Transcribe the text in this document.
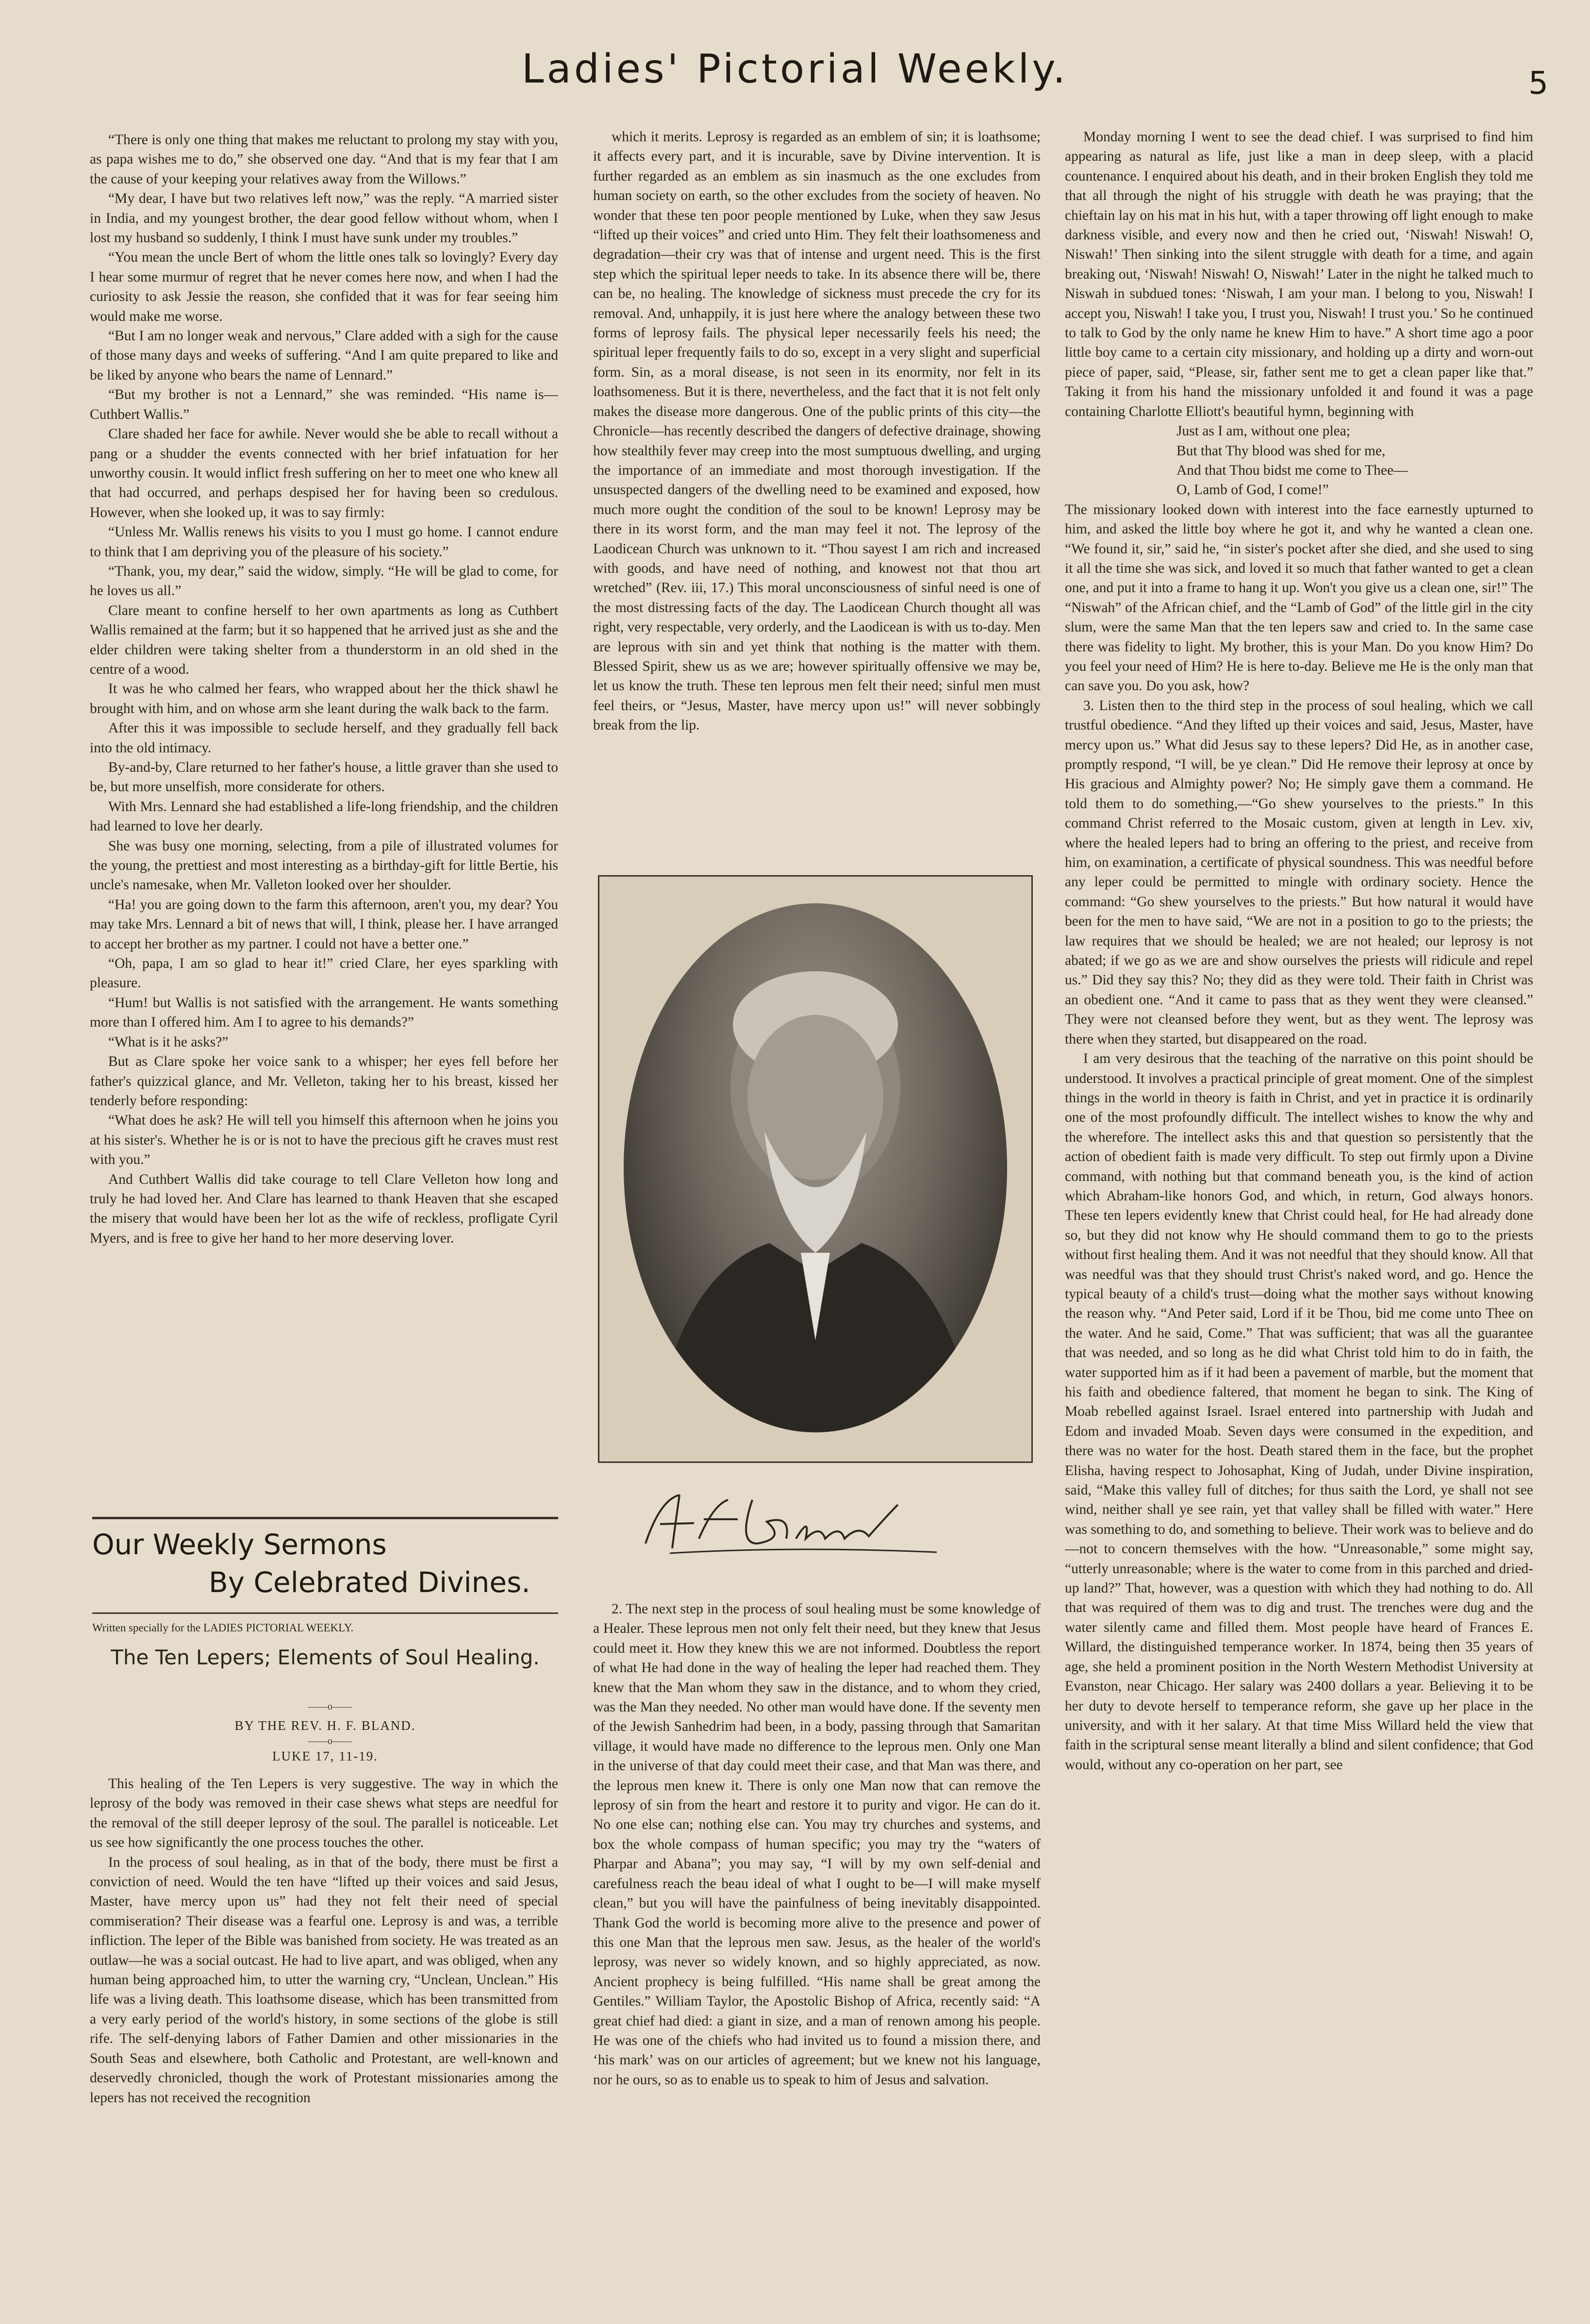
Ladies' Pictorial Weekly.	5

“There is only one thing that makes me reluctant to prolong my stay with you, as papa wishes me to do,” she observed one day. “And that is my fear that I am the cause of your keeping your relatives away from the Willows.”

“My dear, I have but two relatives left now,” was the reply. “A married sister in India, and my youngest brother, the dear good fellow without whom, when I lost my husband so suddenly, I think I must have sunk under my troubles.”

“You mean the uncle Bert of whom the little ones talk so lovingly? Every day I hear some murmur of regret that he never comes here now, and when I had the curiosity to ask Jessie the reason, she confided that it was for fear seeing him would make me worse.

“But I am no longer weak and nervous,” Clare added with a sigh for the cause of those many days and weeks of suffering. “And I am quite prepared to like and be liked by anyone who bears the name of Lennard.”

“But my brother is not a Lennard,” she was reminded. “His name is—Cuthbert Wallis.”

Clare shaded her face for awhile. Never would she be able to recall without a pang or a shudder the events connected with her brief infatuation for her unworthy cousin. It would inflict fresh suffering on her to meet one who knew all that had occurred, and perhaps despised her for having been so credulous. However, when she looked up, it was to say firmly:

“Unless Mr. Wallis renews his visits to you I must go home. I cannot endure to think that I am depriving you of the pleasure of his society.”

“Thank, you, my dear,” said the widow, simply. “He will be glad to come, for he loves us all.”

Clare meant to confine herself to her own apartments as long as Cuthbert Wallis remained at the farm; but it so happened that he arrived just as she and the elder children were taking shelter from a thunderstorm in an old shed in the centre of a wood.

It was he who calmed her fears, who wrapped about her the thick shawl he brought with him, and on whose arm she leant during the walk back to the farm.

After this it was impossible to seclude herself, and they gradually fell back into the old intimacy.

By-and-by, Clare returned to her father's house, a little graver than she used to be, but more unselfish, more considerate for others.

With Mrs. Lennard she had established a life-long friendship, and the children had learned to love her dearly.

She was busy one morning, selecting, from a pile of illustrated volumes for the young, the prettiest and most interesting as a birthday-gift for little Bertie, his uncle's namesake, when Mr. Valleton looked over her shoulder.

“Ha! you are going down to the farm this afternoon, aren't you, my dear? You may take Mrs. Lennard a bit of news that will, I think, please her. I have arranged to accept her brother as my partner. I could not have a better one.”

“Oh, papa, I am so glad to hear it!” cried Clare, her eyes sparkling with pleasure.

“Hum! but Wallis is not satisfied with the arrangement. He wants something more than I offered him. Am I to agree to his demands?”

“What is it he asks?”

But as Clare spoke her voice sank to a whisper; her eyes fell before her father's quizzical glance, and Mr. Velleton, taking her to his breast, kissed her tenderly before responding:

“What does he ask? He will tell you himself this afternoon when he joins you at his sister's. Whether he is or is not to have the precious gift he craves must rest with you.”

And Cuthbert Wallis did take courage to tell Clare Velleton how long and truly he had loved her. And Clare has learned to thank Heaven that she escaped the misery that would have been her lot as the wife of reckless, profligate Cyril Myers, and is free to give her hand to her more deserving lover.

Our Weekly Sermons
By Celebrated Divines.
Written specially for the LADIES PICTORIAL WEEKLY.
The Ten Lepers; Elements of Soul Healing.
——o——
BY THE REV. H. F. BLAND.
——o——
LUKE 17, 11-19.

This healing of the Ten Lepers is very suggestive. The way in which the leprosy of the body was removed in their case shews what steps are needful for the removal of the still deeper leprosy of the soul. The parallel is noticeable. Let us see how significantly the one process touches the other.

In the process of soul healing, as in that of the body, there must be first a conviction of need. Would the ten have “lifted up their voices and said Jesus, Master, have mercy upon us” had they not felt their need of special commiseration? Their disease was a fearful one. Leprosy is and was, a terrible infliction. The leper of the Bible was banished from society. He was treated as an outlaw—he was a social outcast. He had to live apart, and was obliged, when any human being approached him, to utter the warning cry, “Unclean, Unclean.” His life was a living death. This loathsome disease, which has been transmitted from a very early period of the world's history, in some sections of the globe is still rife. The self-denying labors of Father Damien and other missionaries in the South Seas and elsewhere, both Catholic and Protestant, are well-known and deservedly chronicled, though the work of Protestant missionaries among the lepers has not received the recognition

which it merits. Leprosy is regarded as an emblem of sin; it is loathsome; it affects every part, and it is incurable, save by Divine intervention. It is further regarded as an emblem as sin inasmuch as the one excludes from human society on earth, so the other excludes from the society of heaven. No wonder that these ten poor people mentioned by Luke, when they saw Jesus “lifted up their voices” and cried unto Him. They felt their loathsomeness and degradation—their cry was that of intense and urgent need. This is the first step which the spiritual leper needs to take. In its absence there will be, there can be, no healing. The knowledge of sickness must precede the cry for its removal. And, unhappily, it is just here where the analogy between these two forms of leprosy fails. The physical leper necessarily feels his need; the spiritual leper frequently fails to do so, except in a very slight and superficial form. Sin, as a moral disease, is not seen in its enormity, nor felt in its loathsomeness. But it is there, nevertheless, and the fact that it is not felt only makes the disease more dangerous. One of the public prints of this city—the Chronicle—has recently described the dangers of defective drainage, showing how stealthily fever may creep into the most sumptuous dwelling, and urging the importance of an immediate and most thorough investigation. If the unsuspected dangers of the dwelling need to be examined and exposed, how much more ought the condition of the soul to be known! Leprosy may be there in its worst form, and the man may feel it not. The leprosy of the Laodicean Church was unknown to it. “Thou sayest I am rich and increased with goods, and have need of nothing, and knowest not that thou art wretched” (Rev. iii, 17.) This moral unconsciousness of sinful need is one of the most distressing facts of the day. The Laodicean Church thought all was right, very respectable, very orderly, and the Laodicean is with us to-day. Men are leprous with sin and yet think that nothing is the matter with them. Blessed Spirit, shew us as we are; however spiritually offensive we may be, let us know the truth. These ten leprous men felt their need; sinful men must feel theirs, or “Jesus, Master, have mercy upon us!” will never sobbingly break from the lip.

2. The next step in the process of soul healing must be some knowledge of a Healer. These leprous men not only felt their need, but they knew that Jesus could meet it. How they knew this we are not informed. Doubtless the report of what He had done in the way of healing the leper had reached them. They knew that the Man whom they saw in the distance, and to whom they cried, was the Man they needed. No other man would have done. If the seventy men of the Jewish Sanhedrim had been, in a body, passing through that Samaritan village, it would have made no difference to the leprous men. Only one Man in the universe of that day could meet their case, and that Man was there, and the leprous men knew it. There is only one Man now that can remove the leprosy of sin from the heart and restore it to purity and vigor. He can do it. No one else can; nothing else can. You may try churches and systems, and box the whole compass of human specific; you may try the “waters of Pharpar and Abana”; you may say, “I will by my own self-denial and carefulness reach the beau ideal of what I ought to be—I will make myself clean,” but you will have the painfulness of being inevitably disappointed. Thank God the world is becoming more alive to the presence and power of this one Man that the leprous men saw. Jesus, as the healer of the world's leprosy, was never so widely known, and so highly appreciated, as now. Ancient prophecy is being fulfilled. “His name shall be great among the Gentiles.” William Taylor, the Apostolic Bishop of Africa, recently said: “A great chief had died: a giant in size, and a man of renown among his people. He was one of the chiefs who had invited us to found a mission there, and ‘his mark’ was on our articles of agreement; but we knew not his language, nor he ours, so as to enable us to speak to him of Jesus and salvation.

Monday morning I went to see the dead chief. I was surprised to find him appearing as natural as life, just like a man in deep sleep, with a placid countenance. I enquired about his death, and in their broken English they told me that all through the night of his struggle with death he was praying; that the chieftain lay on his mat in his hut, with a taper throwing off light enough to make darkness visible, and every now and then he cried out, ‘Niswah! Niswah! O, Niswah!’ Then sinking into the silent struggle with death for a time, and again breaking out, ‘Niswah! Niswah! O, Niswah!’ Later in the night he talked much to Niswah in subdued tones: ‘Niswah, I am your man. I belong to you, Niswah! I accept you, Niswah! I take you, I trust you, Niswah! I trust you.’ So he continued to talk to God by the only name he knew Him to have.” A short time ago a poor little boy came to a certain city missionary, and holding up a dirty and worn-out piece of paper, said, “Please, sir, father sent me to get a clean paper like that.” Taking it from his hand the missionary unfolded it and found it was a page containing Charlotte Elliott's beautiful hymn, beginning with

Just as I am, without one plea;

But that Thy blood was shed for me,

And that Thou bidst me come to Thee—

O, Lamb of God, I come!”

The missionary looked down with interest into the face earnestly upturned to him, and asked the little boy where he got it, and why he wanted a clean one. “We found it, sir,” said he, “in sister's pocket after she died, and she used to sing it all the time she was sick, and loved it so much that father wanted to get a clean one, and put it into a frame to hang it up. Won't you give us a clean one, sir!” The “Niswah” of the African chief, and the “Lamb of God” of the little girl in the city slum, were the same Man that the ten lepers saw and cried to. In the same case there was fidelity to light. My brother, this is your Man. Do you know Him? Do you feel your need of Him? He is here to-day. Believe me He is the only man that can save you. Do you ask, how?

3. Listen then to the third step in the process of soul healing, which we call trustful obedience. “And they lifted up their voices and said, Jesus, Master, have mercy upon us.” What did Jesus say to these lepers? Did He, as in another case, promptly respond, “I will, be ye clean.” Did He remove their leprosy at once by His gracious and Almighty power? No; He simply gave them a command. He told them to do something,—“Go shew yourselves to the priests.” In this command Christ referred to the Mosaic custom, given at length in Lev. xiv, where the healed lepers had to bring an offering to the priest, and receive from him, on examination, a certificate of physical soundness. This was needful before any leper could be permitted to mingle with ordinary society. Hence the command: “Go shew yourselves to the priests.” But how natural it would have been for the men to have said, “We are not in a position to go to the priests; the law requires that we should be healed; we are not healed; our leprosy is not abated; if we go as we are and show ourselves the priests will ridicule and repel us.” Did they say this? No; they did as they were told. Their faith in Christ was an obedient one. “And it came to pass that as they went they were cleansed.” They were not cleansed before they went, but as they went. The leprosy was there when they started, but disappeared on the road.

I am very desirous that the teaching of the narrative on this point should be understood. It involves a practical principle of great moment. One of the simplest things in the world in theory is faith in Christ, and yet in practice it is ordinarily one of the most profoundly difficult. The intellect wishes to know the why and the wherefore. The intellect asks this and that question so persistently that the action of obedient faith is made very difficult. To step out firmly upon a Divine command, with nothing but that command beneath you, is the kind of action which Abraham-like honors God, and which, in return, God always honors. These ten lepers evidently knew that Christ could heal, for He had already done so, but they did not know why He should command them to go to the priests without first healing them. And it was not needful that they should know. All that was needful was that they should trust Christ's naked word, and go. Hence the typical beauty of a child's trust—doing what the mother says without knowing the reason why. “And Peter said, Lord if it be Thou, bid me come unto Thee on the water. And he said, Come.” That was sufficient; that was all the guarantee that was needed, and so long as he did what Christ told him to do in faith, the water supported him as if it had been a pavement of marble, but the moment that his faith and obedience faltered, that moment he began to sink. The King of Moab rebelled against Israel. Israel entered into partnership with Judah and Edom and invaded Moab. Seven days were consumed in the expedition, and there was no water for the host. Death stared them in the face, but the prophet Elisha, having respect to Johosaphat, King of Judah, under Divine inspiration, said, “Make this valley full of ditches; for thus saith the Lord, ye shall not see wind, neither shall ye see rain, yet that valley shall be filled with water.” Here was something to do, and something to believe. Their work was to believe and do—not to concern themselves with the how. “Unreasonable,” some might say, “utterly unreasonable; where is the water to come from in this parched and dried-up land?” That, however, was a question with which they had nothing to do. All that was required of them was to dig and trust. The trenches were dug and the water silently came and filled them. Most people have heard of Frances E. Willard, the distinguished temperance worker. In 1874, being then 35 years of age, she held a prominent position in the North Western Methodist University at Evanston, near Chicago. Her salary was 2400 dollars a year. Believing it to be her duty to devote herself to temperance reform, she gave up her place in the university, and with it her salary. At that time Miss Willard held the view that faith in the scriptural sense meant literally a blind and silent confidence; that God would, without any co-operation on her part, see
